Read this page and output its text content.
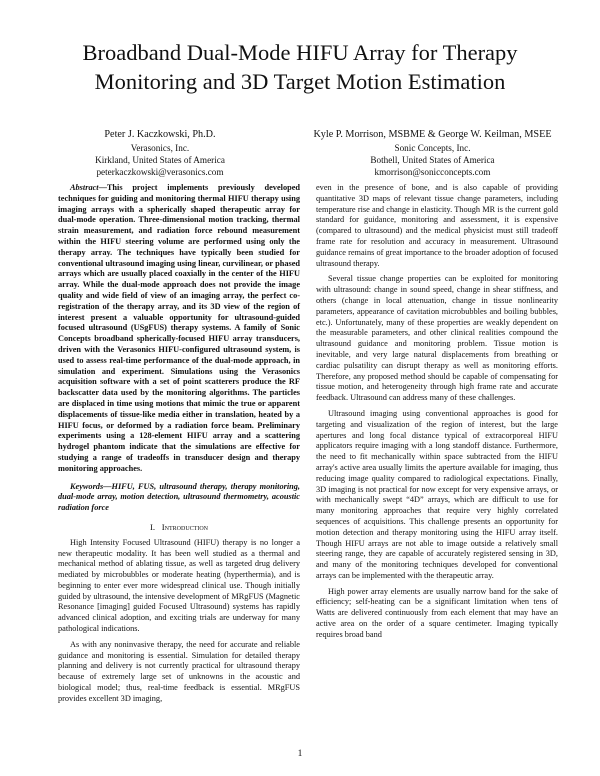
Broadband Dual-Mode HIFU Array for Therapy
Monitoring and 3D Target Motion Estimation
Peter J. Kaczkowski, Ph.D.
Verasonics, Inc.
Kirkland, United States of America
peterkaczkowski@verasonics.com
Kyle P. Morrison, MSBME & George W. Keilman, MSEE
Sonic Concepts, Inc.
Bothell, United States of America
kmorrison@sonicconcepts.com

Abstract—This project implements previously developed techniques for guiding and monitoring thermal HIFU therapy using imaging arrays with a spherically shaped therapeutic array for dual-mode operation. Three-dimensional motion tracking, thermal strain measurement, and radiation force rebound measurement within the HIFU steering volume are performed using only the therapy array. The techniques have typically been studied for conventional ultrasound imaging using linear, curvilinear, or phased arrays which are usually placed coaxially in the center of the HIFU array. While the dual-mode approach does not provide the image quality and wide field of view of an imaging array, the perfect co-registration of the therapy array, and its 3D view of the region of interest present a valuable opportunity for ultrasound-guided focused ultrasound (USgFUS) therapy systems. A family of Sonic Concepts broadband spherically-focused HIFU array transducers, driven with the Verasonics HIFU-configured ultrasound system, is used to assess real-time performance of the dual-mode approach, in simulation and experiment. Simulations using the Verasonics acquisition software with a set of point scatterers produce the RF backscatter data used by the monitoring algorithms. The particles are displaced in time using motions that mimic the true or apparent displacements of tissue-like media either in translation, heated by a HIFU focus, or deformed by a radiation force beam. Preliminary experiments using a 128-element HIFU array and a scattering hydrogel phantom indicate that the simulations are effective for studying a range of tradeoffs in transducer design and therapy monitoring approaches.

Keywords—HIFU, FUS, ultrasound therapy, therapy monitoring, dual-mode array, motion detection, ultrasound thermometry, acoustic radiation force

I. Introduction

High Intensity Focused Ultrasound (HIFU) therapy is no longer a new therapeutic modality. It has been well studied as a thermal and mechanical method of ablating tissue, as well as targeted drug delivery mediated by microbubbles or moderate heating (hyperthermia), and is beginning to enter ever more widespread clinical use. Though initially guided by ultrasound, the intensive development of MRgFUS (Magnetic Resonance [imaging] guided Focused Ultrasound) systems has rapidly advanced clinical adoption, and exciting trials are underway for many pathological indications.

As with any noninvasive therapy, the need for accurate and reliable guidance and monitoring is essential. Simulation for detailed therapy planning and delivery is not currently practical for ultrasound therapy because of extremely large set of unknowns in the acoustic and biological model; thus, real-time feedback is essential. MRgFUS provides excellent 3D imaging,

even in the presence of bone, and is also capable of providing quantitative 3D maps of relevant tissue change parameters, including temperature rise and change in elasticity. Though MR is the current gold standard for guidance, monitoring and assessment, it is expensive (compared to ultrasound) and the medical physicist must still tradeoff frame rate for resolution and accuracy in measurement. Ultrasound guidance remains of great importance to the broader adoption of focused ultrasound therapy.

Several tissue change properties can be exploited for monitoring with ultrasound: change in sound speed, change in shear stiffness, and others (change in local attenuation, change in tissue nonlinearity parameters, appearance of cavitation microbubbles and boiling bubbles, etc.). Unfortunately, many of these properties are weakly dependent on the measurable parameters, and other clinical realities compound the ultrasound guidance and monitoring problem. Tissue motion is inevitable, and very large natural displacements from breathing or cardiac pulsatility can disrupt therapy as well as monitoring efforts. Therefore, any proposed method should be capable of compensating for tissue motion, and heterogeneity through high frame rate and accurate feedback. Ultrasound can address many of these challenges.

Ultrasound imaging using conventional approaches is good for targeting and visualization of the region of interest, but the large apertures and long focal distance typical of extracorporeal HIFU applicators require imaging with a long standoff distance. Furthermore, the need to fit mechanically within space subtracted from the HIFU array's active area usually limits the aperture available for imaging, thus reducing image quality compared to radiological expectations. Finally, 3D imaging is not practical for now except for very expensive arrays, or with mechanically swept “4D” arrays, which are difficult to use for many monitoring approaches that require very highly correlated sequences of acquisitions. This challenge presents an opportunity for motion detection and therapy monitoring using the HIFU array itself. Though HIFU arrays are not able to image outside a relatively small steering range, they are capable of accurately registered sensing in 3D, and many of the monitoring techniques developed for conventional arrays can be implemented with the therapeutic array.

High power array elements are usually narrow band for the sake of efficiency; self-heating can be a significant limitation when tens of Watts are delivered continuously from each element that may have an active area on the order of a square centimeter. Imaging typically requires broad band

1
